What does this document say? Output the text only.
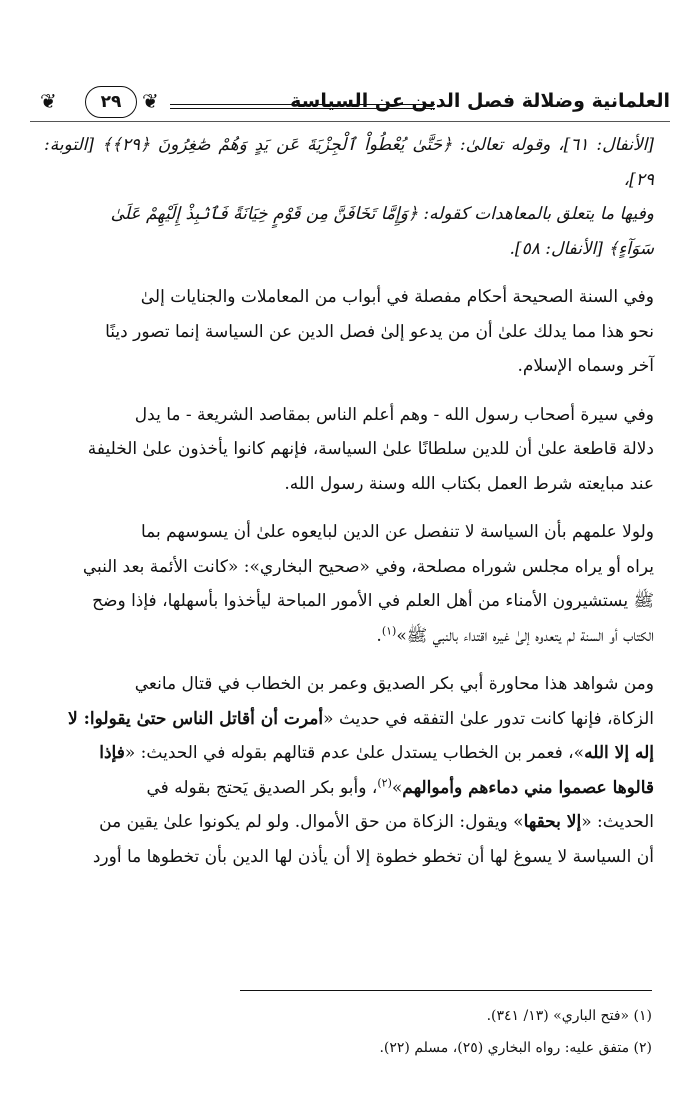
العلمانية وضلالة فصل الدين عن السياسة
❦
٢٩
❦

[الأنفال: ٦١]، وقوله تعالىٰ: ﴿حَتَّىٰ يُعْطُواْ ٱلْجِزْيَةَ عَن يَدٍ وَهُمْ صَٰغِرُونَ ﴿٢٩﴾﴾ [التوبة: ٢٩]،
وفيها ما يتعلق بالمعاهدات كقوله: ﴿وَإِمَّا تَخَافَنَّ مِن قَوْمٍ خِيَانَةً فَٱنۢبِذْ إِلَيْهِمْ عَلَىٰ
سَوَآءٍ﴾ [الأنفال: ٥٨].

وفي السنة الصحيحة أحكام مفصلة في أبواب من المعاملات والجنايات إلىٰ
نحو هذا مما يدلك علىٰ أن من يدعو إلىٰ فصل الدين عن السياسة إنما تصور دينًا
آخر وسماه الإسلام.

وفي سيرة أصحاب رسول الله - وهم أعلم الناس بمقاصد الشريعة - ما يدل
دلالة قاطعة علىٰ أن للدين سلطانًا علىٰ السياسة، فإنهم كانوا يأخذون علىٰ الخليفة
عند مبايعته شرط العمل بكتاب الله وسنة رسول الله.

ولولا علمهم بأن السياسة لا تنفصل عن الدين لبايعوه علىٰ أن يسوسهم بما
يراه أو يراه مجلس شوراه مصلحة، وفي «صحيح البخاري»: «كانت الأئمة بعد النبي
ﷺ يستشيرون الأمناء من أهل العلم في الأمور المباحة ليأخذوا بأسهلها، فإذا وضح
الكتاب أو السنة لم يتعدوه إلىٰ غيره اقتداء بالنبي ﷺ»$^{(١)}$.

ومن شواهد هذا محاورة أبي بكر الصديق وعمر بن الخطاب في قتال مانعي
الزكاة، فإنها كانت تدور علىٰ التفقه في حديث «أمرت أن أقاتل الناس حتىٰ يقولوا: لا
إله إلا الله»، فعمر بن الخطاب يستدل علىٰ عدم قتالهم بقوله في الحديث: «فإذا
قالوها عصموا مني دماءهم وأموالهم»$^{(٢)}$، وأبو بكر الصديق يَحتج بقوله في
الحديث: «إلا بحقها» ويقول: الزكاة من حق الأموال. ولو لم يكونوا علىٰ يقين من
أن السياسة لا يسوغ لها أن تخطو خطوة إلا أن يأذن لها الدين بأن تخطوها ما أورد

(١) «فتح الباري» (١٣/ ٣٤١).
(٢) متفق عليه: رواه البخاري (٢٥)، مسلم (٢٢).
